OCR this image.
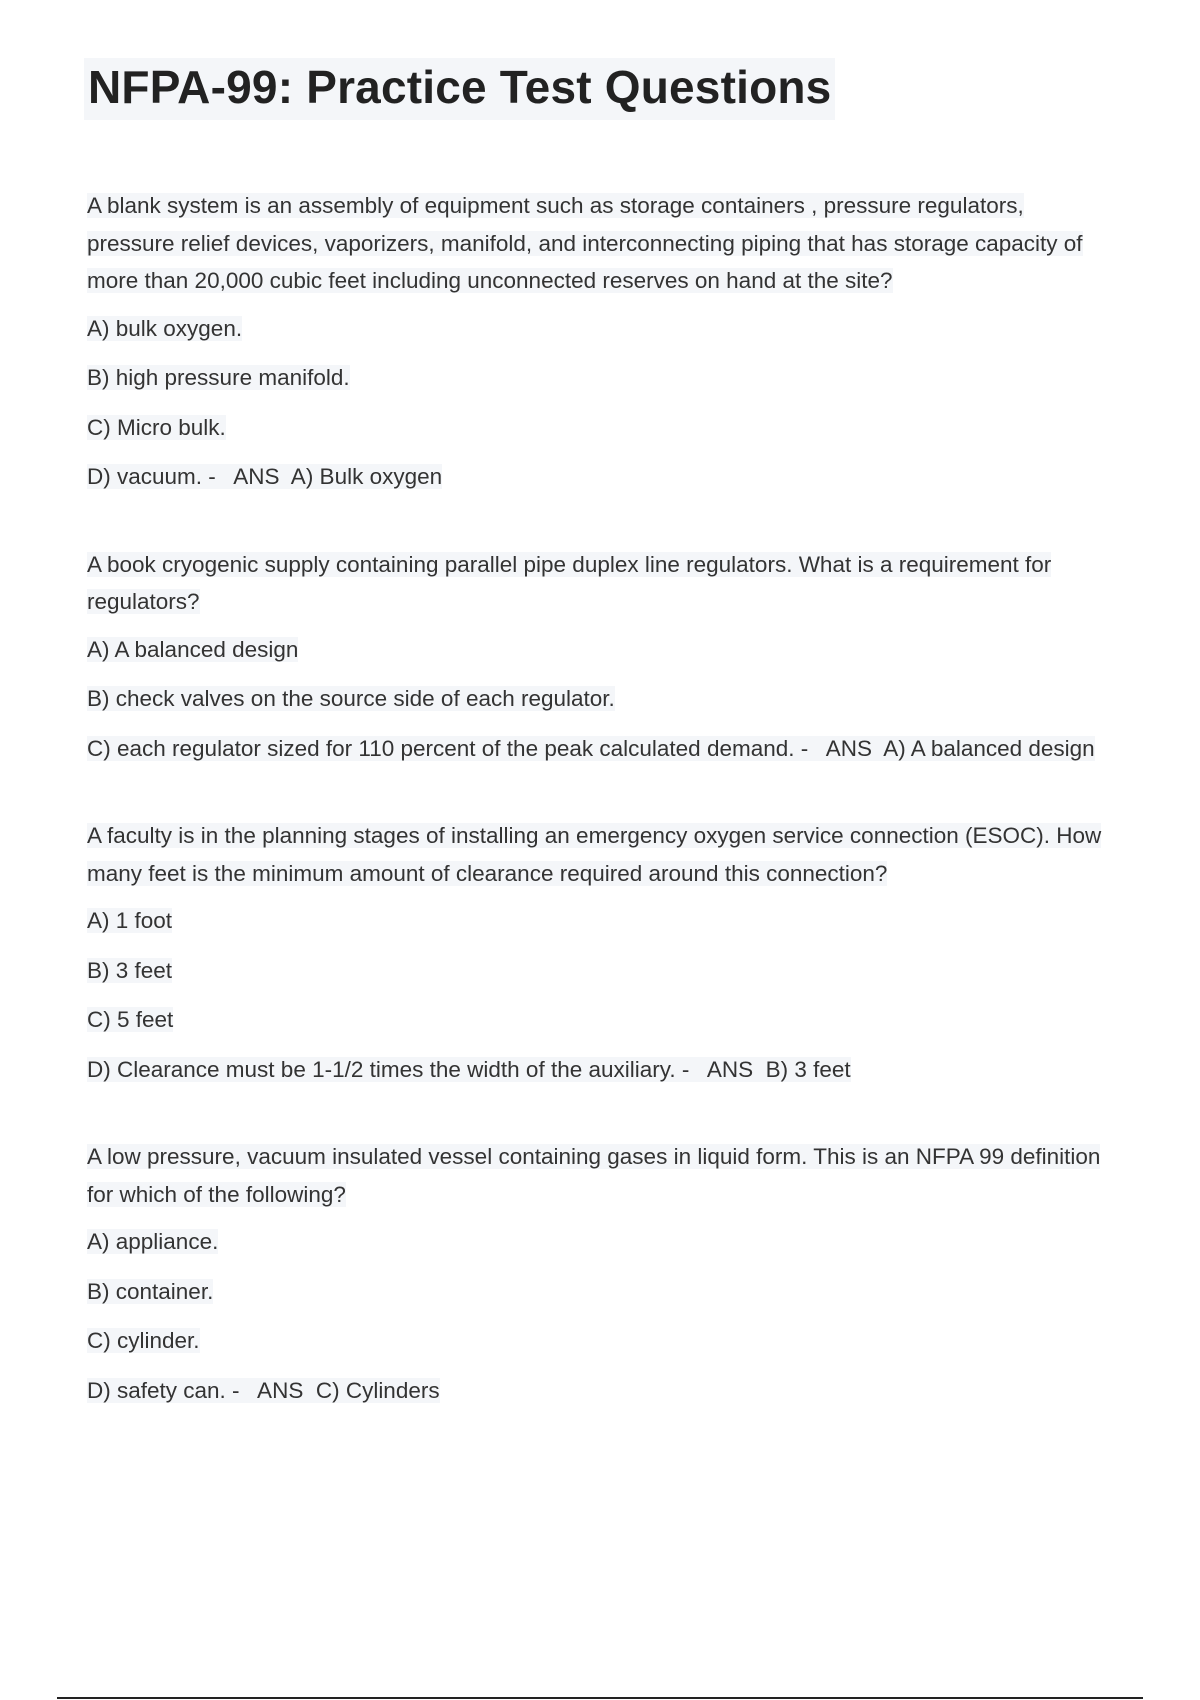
NFPA-99: Practice Test Questions

A blank system is an assembly of equipment such as storage containers , pressure regulators, pressure relief devices, vaporizers, manifold, and interconnecting piping that has storage capacity of more than 20,000 cubic feet including unconnected reserves on hand at the site?

A) bulk oxygen.

B) high pressure manifold.

C) Micro bulk.

D) vacuum. -   ANS  A) Bulk oxygen

A book cryogenic supply containing parallel pipe duplex line regulators. What is a requirement for regulators?

A) A balanced design

B) check valves on the source side of each regulator.

C) each regulator sized for 110 percent of the peak calculated demand. -   ANS  A) A balanced design

A faculty is in the planning stages of installing an emergency oxygen service connection (ESOC). How many feet is the minimum amount of clearance required around this connection?

A) 1 foot

B) 3 feet

C) 5 feet

D) Clearance must be 1-1/2 times the width of the auxiliary. -   ANS  B) 3 feet

A low pressure, vacuum insulated vessel containing gases in liquid form. This is an NFPA 99 definition for which of the following?

A) appliance.

B) container.

C) cylinder.

D) safety can. -   ANS  C) Cylinders
